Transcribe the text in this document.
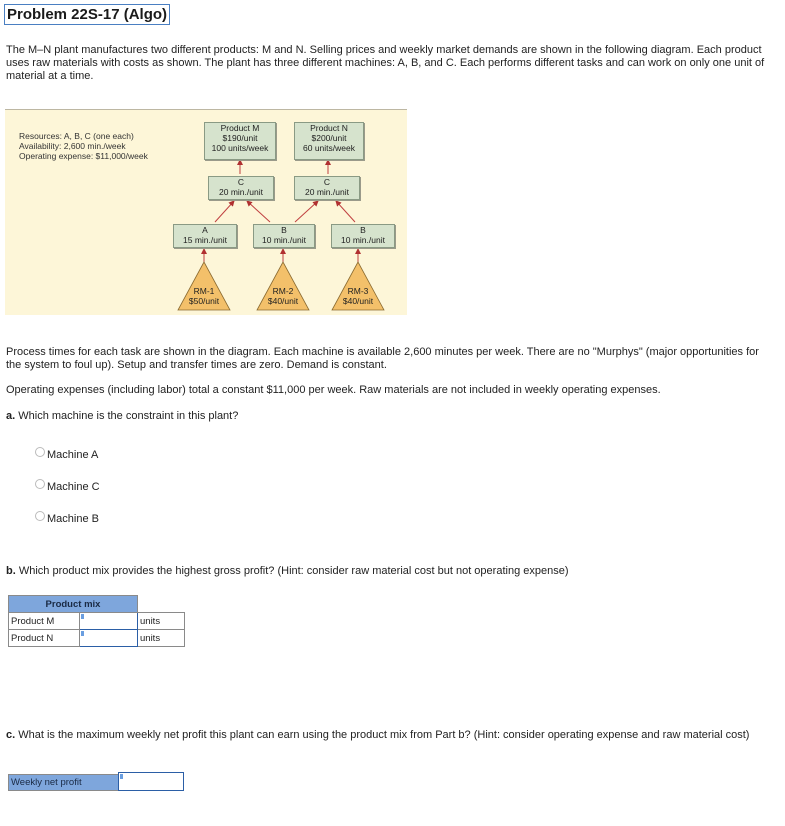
Problem 22S-17 (Algo)
The M–N plant manufactures two different products: M and N. Selling prices and weekly market demands are shown in the following diagram. Each product uses raw materials with costs as shown. The plant has three different machines: A, B, and C. Each performs different tasks and can work on only one unit of material at a time.
Resources: A, B, C (one each)
Availability: 2,600 min./week
Operating expense: $11,000/week
Product M
$190/unit
100 units/week
Product N
$200/unit
60 units/week
C
20 min./unit
C
20 min./unit
A
15 min./unit
B
10 min./unit
B
10 min./unit
RM-1
$50/unit
RM-2
$40/unit
RM-3
$40/unit
Process times for each task are shown in the diagram. Each machine is available 2,600 minutes per week. There are no "Murphys" (major opportunities for the system to foul up). Setup and transfer times are zero. Demand is constant.
Operating expenses (including labor) total a constant $11,000 per week. Raw materials are not included in weekly operating expenses.
a. Which machine is the constraint in this plant?
Machine A
Machine C
Machine B
b. Which product mix provides the highest gross profit? (Hint: consider raw material cost but not operating expense)
Product mix		
Product M		units
Product N		units
c. What is the maximum weekly net profit this plant can earn using the product mix from Part b? (Hint: consider operating expense and raw material cost)
Weekly net profit
